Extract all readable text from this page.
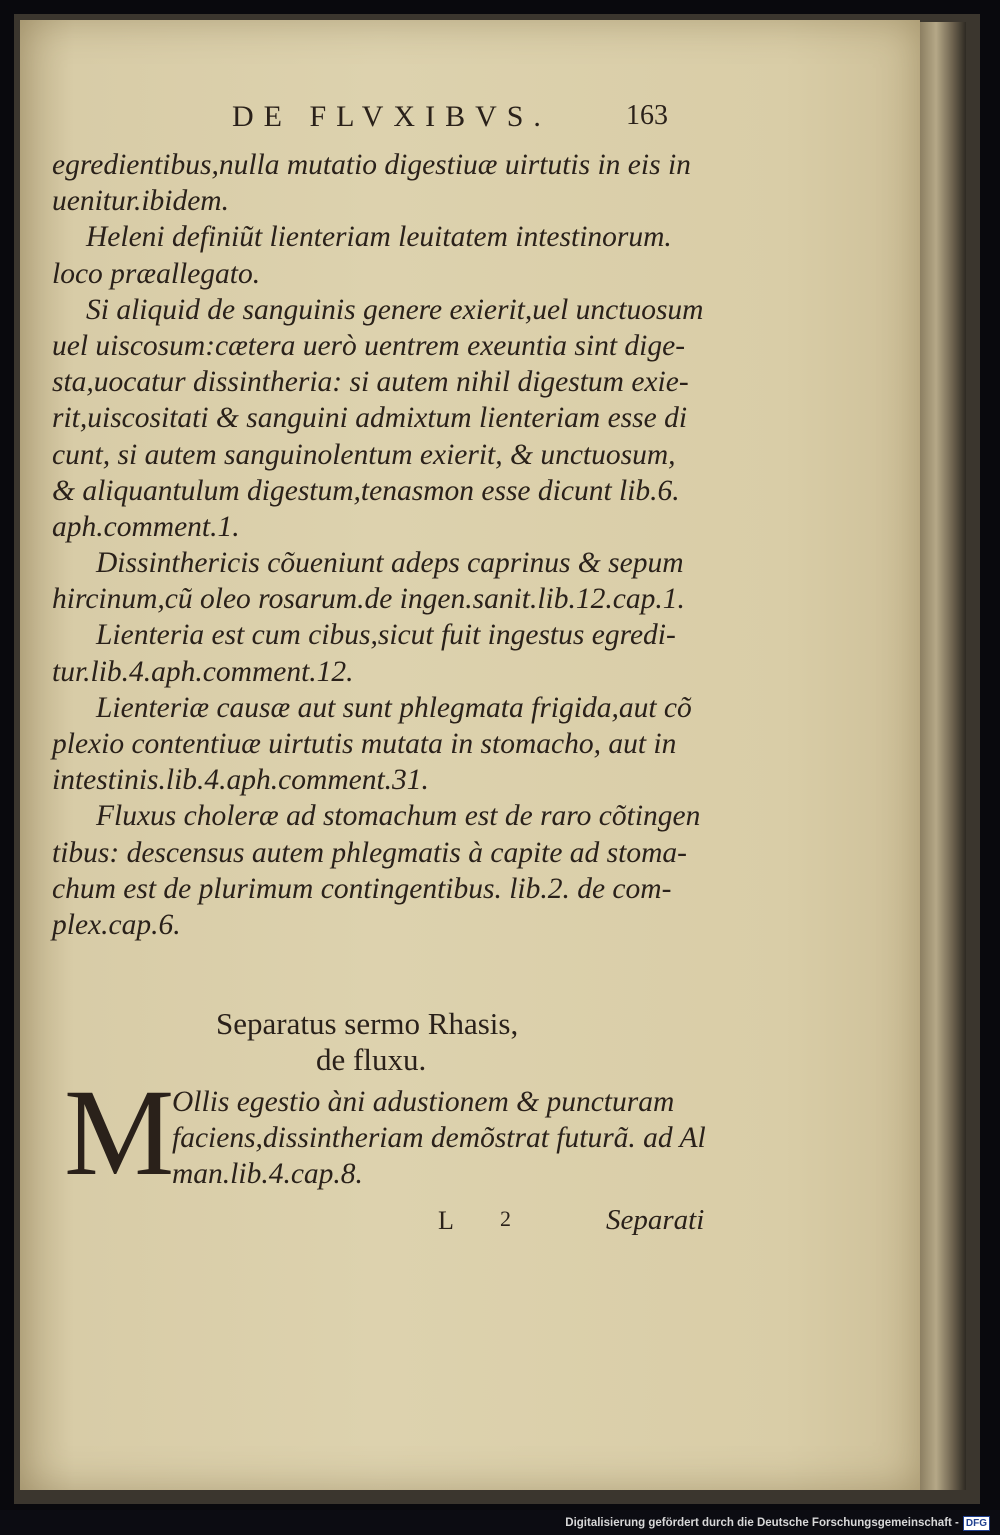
DE FLVXIBVS.	163
egredientibus,nulla mutatio digestiuæ uirtutis in eis in
uenitur.ibidem.
Heleni definiũt lienteriam leuitatem intestinorum.
loco præallegato.
Si aliquid de sanguinis genere exierit,uel unctuosum
uel uiscosum:cætera uerò uentrem exeuntia sint dige-
sta,uocatur dissintheria: si autem nihil digestum exie-
rit,uiscositati & sanguini admixtum lienteriam esse di
cunt, si autem sanguinolentum exierit, & unctuosum,
& aliquantulum digestum,tenasmon esse dicunt lib.6.
aph.comment.1.
Dissinthericis cõueniunt adeps caprinus & sepum
hircinum,cũ oleo rosarum.de ingen.sanit.lib.12.cap.1.
Lienteria est cum cibus,sicut fuit ingestus egredi-
tur.lib.4.aph.comment.12.
Lienteriæ causæ aut sunt phlegmata frigida,aut cõ
plexio contentiuæ uirtutis mutata in stomacho, aut in
intestinis.lib.4.aph.comment.31.
Fluxus choleræ ad stomachum est de raro cõtingen
tibus: descensus autem phlegmatis à capite ad stoma-
chum est de plurimum contingentibus. lib.2. de com-
plex.cap.6.
Separatus sermo Rhasis,
de fluxu.
M
Ollis egestio àni adustionem & puncturam
faciens,dissintheriam demõstrat futurã. ad Al
man.lib.4.cap.8.
L 2	Separati
Digitalisierung gefördert durch die Deutsche Forschungsgemeinschaft - DFG
